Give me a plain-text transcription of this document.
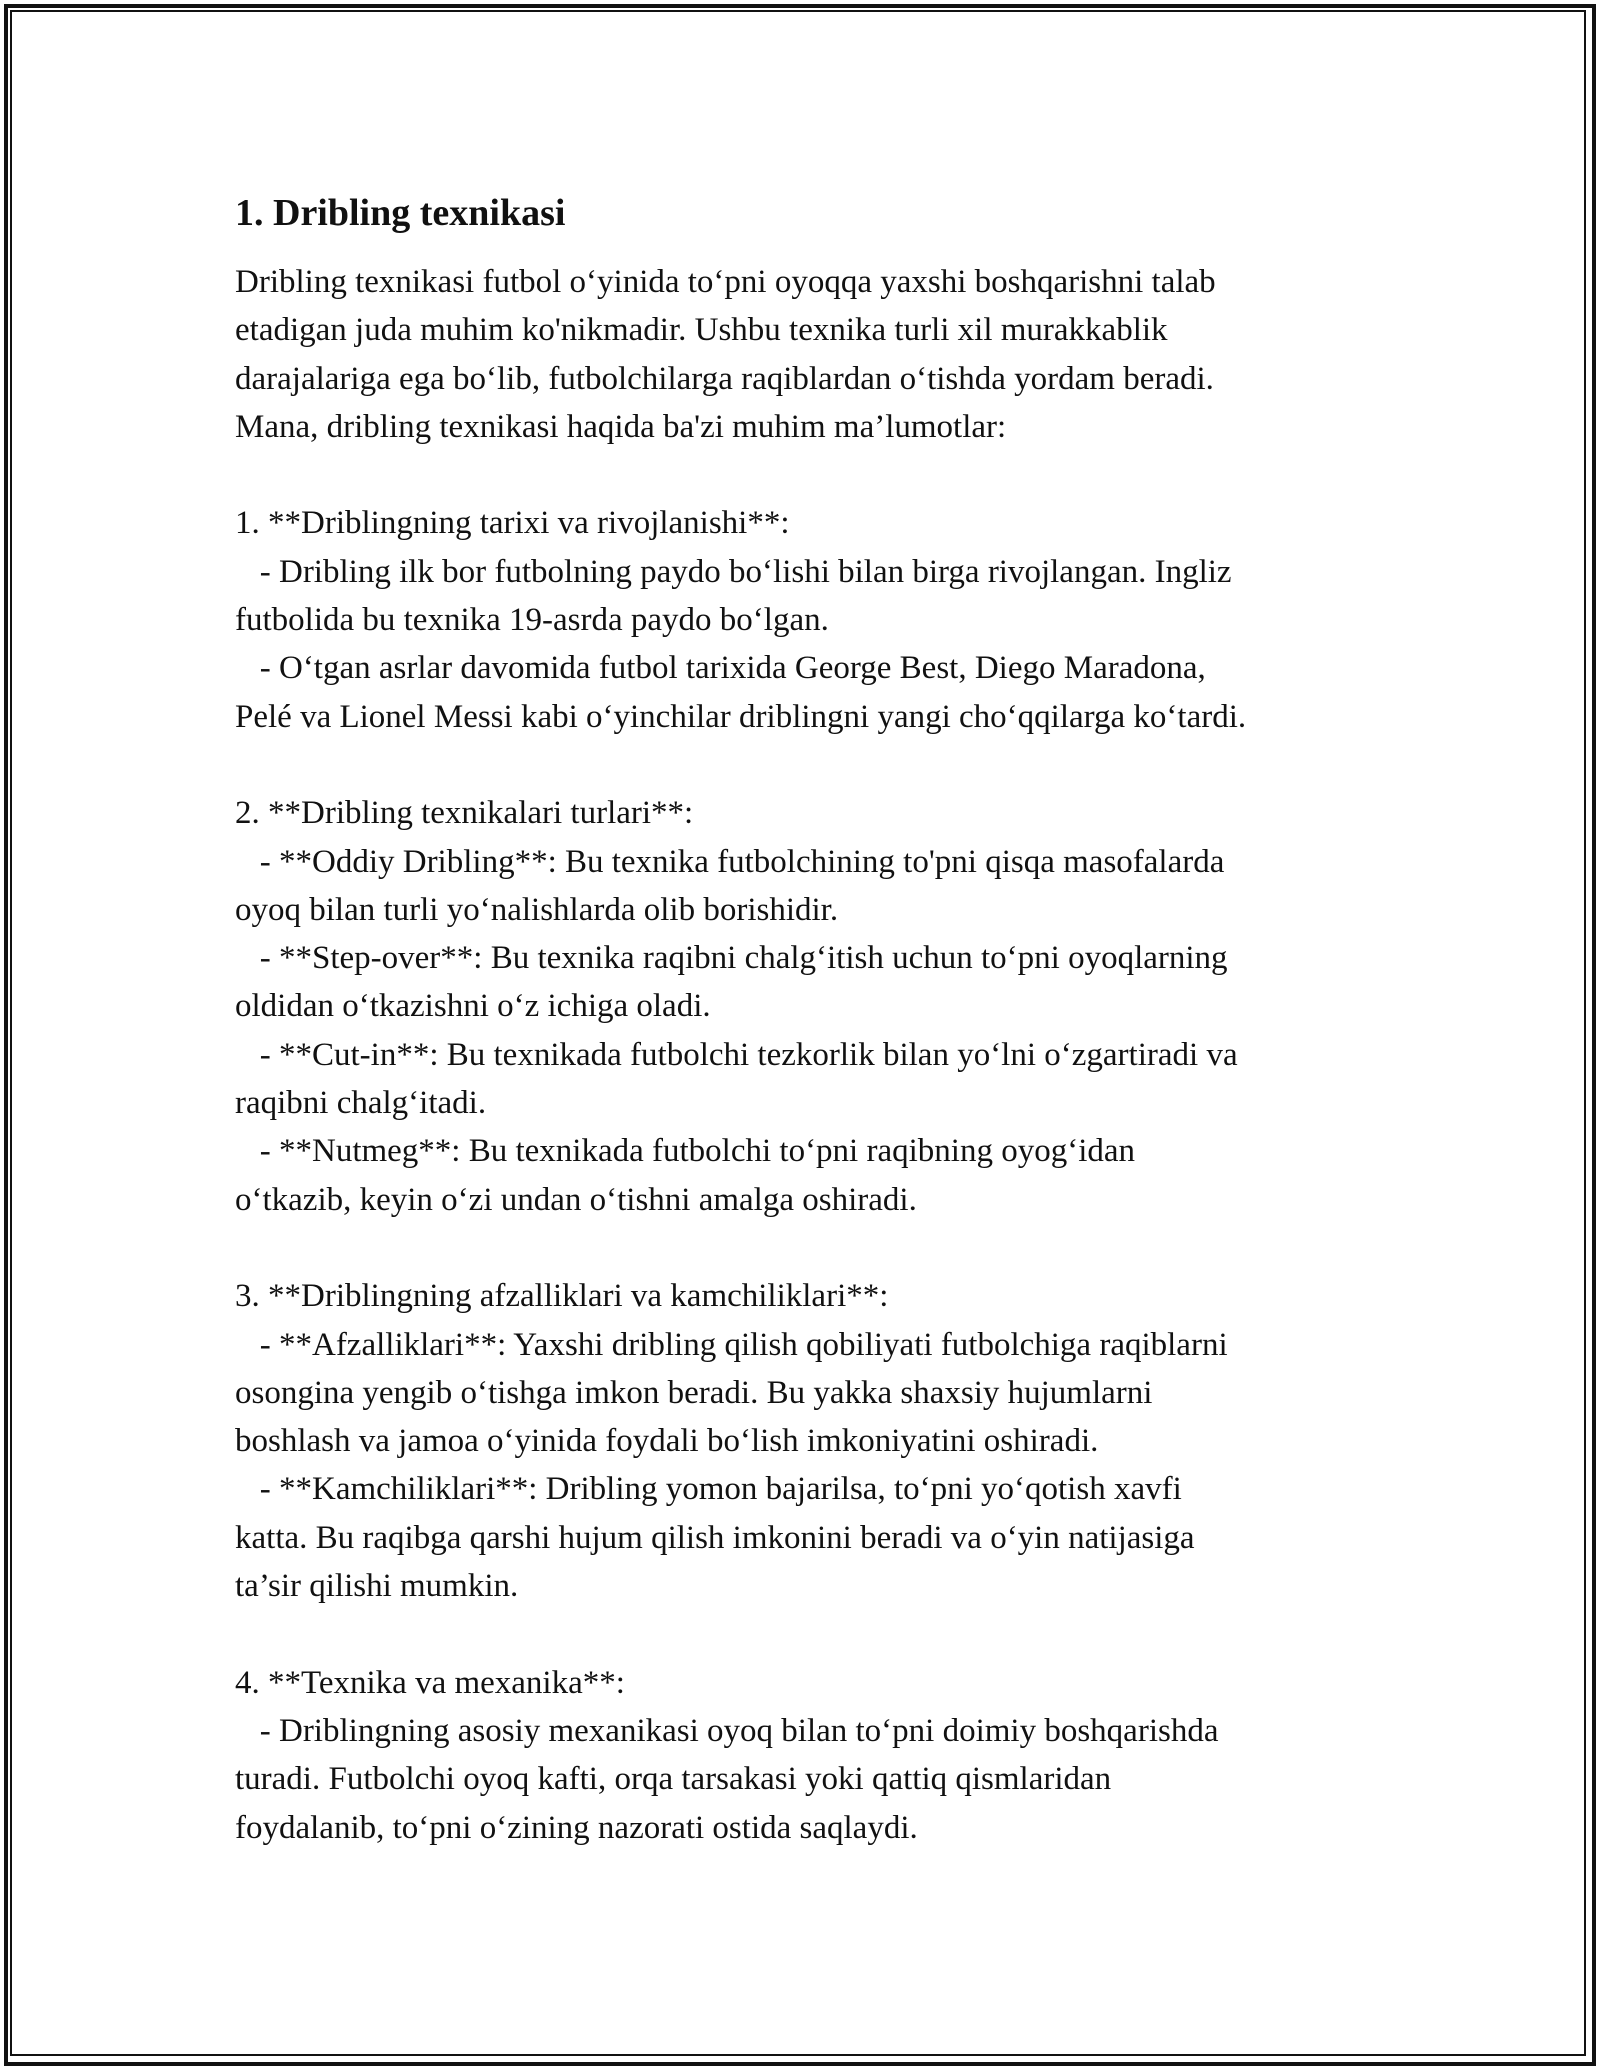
1. Dribling texnikasi
Dribling texnikasi futbol o‘yinida to‘pni oyoqqa yaxshi boshqarishni talab
etadigan juda muhim ko'nikmadir. Ushbu texnika turli xil murakkablik
darajalariga ega bo‘lib, futbolchilarga raqiblardan o‘tishda yordam beradi.
Mana, dribling texnikasi haqida ba'zi muhim ma’lumotlar:
1. **Driblingning tarixi va rivojlanishi**:
- Dribling ilk bor futbolning paydo bo‘lishi bilan birga rivojlangan. Ingliz
futbolida bu texnika 19-asrda paydo bo‘lgan.
- O‘tgan asrlar davomida futbol tarixida George Best, Diego Maradona,
Pelé va Lionel Messi kabi o‘yinchilar driblingni yangi cho‘qqilarga ko‘tardi.
2. **Dribling texnikalari turlari**:
- **Oddiy Dribling**: Bu texnika futbolchining to'pni qisqa masofalarda
oyoq bilan turli yo‘nalishlarda olib borishidir.
- **Step-over**: Bu texnika raqibni chalg‘itish uchun to‘pni oyoqlarning
oldidan o‘tkazishni o‘z ichiga oladi.
- **Cut-in**: Bu texnikada futbolchi tezkorlik bilan yo‘lni o‘zgartiradi va
raqibni chalg‘itadi.
- **Nutmeg**: Bu texnikada futbolchi to‘pni raqibning oyog‘idan
o‘tkazib, keyin o‘zi undan o‘tishni amalga oshiradi.
3. **Driblingning afzalliklari va kamchiliklari**:
- **Afzalliklari**: Yaxshi dribling qilish qobiliyati futbolchiga raqiblarni
osongina yengib o‘tishga imkon beradi. Bu yakka shaxsiy hujumlarni
boshlash va jamoa o‘yinida foydali bo‘lish imkoniyatini oshiradi.
- **Kamchiliklari**: Dribling yomon bajarilsa, to‘pni yo‘qotish xavfi
katta. Bu raqibga qarshi hujum qilish imkonini beradi va o‘yin natijasiga
ta’sir qilishi mumkin.
4. **Texnika va mexanika**:
- Driblingning asosiy mexanikasi oyoq bilan to‘pni doimiy boshqarishda
turadi. Futbolchi oyoq kafti, orqa tarsakasi yoki qattiq qismlaridan
foydalanib, to‘pni o‘zining nazorati ostida saqlaydi.
